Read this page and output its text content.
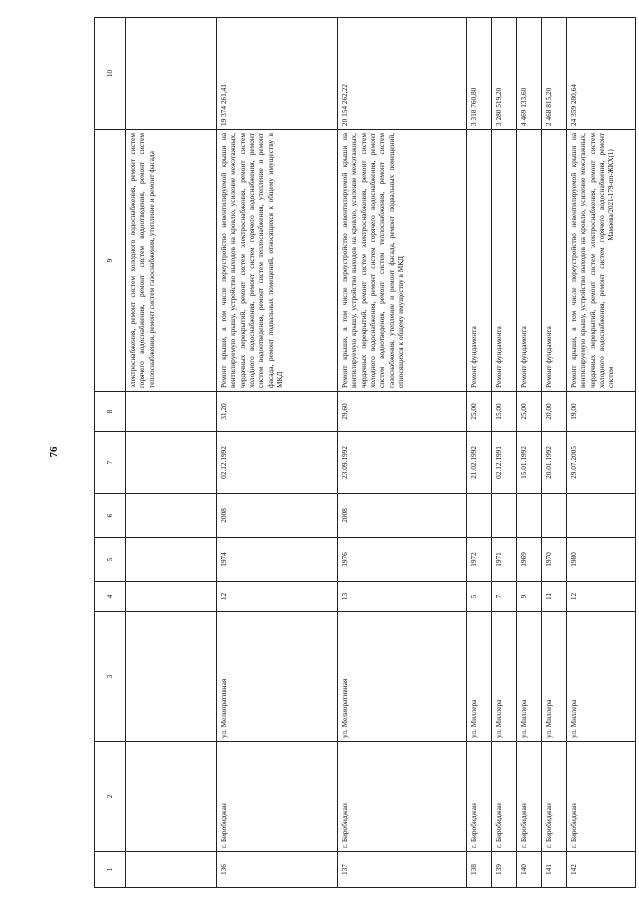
76
Мамаева/2021-179-пп-ЖКХ(1)
1	2	3	4	5	6	7	8	9	10
								электроснабжения, ремонт систем холодного водоснабжения, ремонт систем горячего водоснабжения, ремонт систем водоотведения, ремонт систем теплоснабжения, ремонт систем газоснабжения, утепление и ремонт фасада	
136	г. Биробиджан	ул. Мелиоративная	12	1974	2008	02.12.1992	31,20	Ремонт крыши, в том числе переустройство невентилируемой крыши на вентилируемую крышу, устройство выходов на кровлю, усиление межэтажных, чердачных перекрытий, ремонт систем электроснабжения, ремонт систем холодного водоснабжения, ремонт систем горячего водоснабжения, ремонт систем водоотведения, ремонт систем теплоснабжения, утепление и ремонт фасада, ремонт подвальных помещений, относящихся к общему имуществу в МКД	19 374 261,41
137	г. Биробиджан	ул. Мелиоративная	13	1976	2008	23.09.1992	29,60	Ремонт крыши, в том числе переустройство невентилируемой крыши на вентилируемую крышу, устройство выходов на кровлю, усиление межэтажных, чердачных перекрытий, ремонт систем электроснабжения, ремонт систем холодного водоснабжения, ремонт систем горячего водоснабжения, ремонт систем водоотведения, ремонт систем теплоснабжения, ремонт систем газоснабжения, утепление и ремонт фасада, ремонт подвальных помещений, относящихся к общему имуществу в МКД	20 154 262,22
138	г. Биробиджан	ул. Миллера	5	1972		21.02.1992	25,00	Ремонт фундамента	3 318 760,80
139	г. Биробиджан	ул. Миллера	7	1971		02.12.1991	15,00	Ремонт фундамента	3 280 519,20
140	г. Биробиджан	ул. Миллера	9	1969		15.01.1992	25,00	Ремонт фундамента	4 469 133,60
141	г. Биробиджан	ул. Миллера	11	1970		20.01.1992	20,00	Ремонт фундамента	2 468 815,20
142	г. Биробиджан	ул. Миллера	12	1980		29.07.2005	19,00	Ремонт крыши, в том числе переустройство невентилируемой крыши на вентилируемую крышу, устройство выходов на кровлю, усиление межэтажных, чердачных перекрытий, ремонт систем электроснабжения, ремонт систем холодного водоснабжения, ремонт систем горячего водоснабжения, ремонт систем	24 359 280,64
